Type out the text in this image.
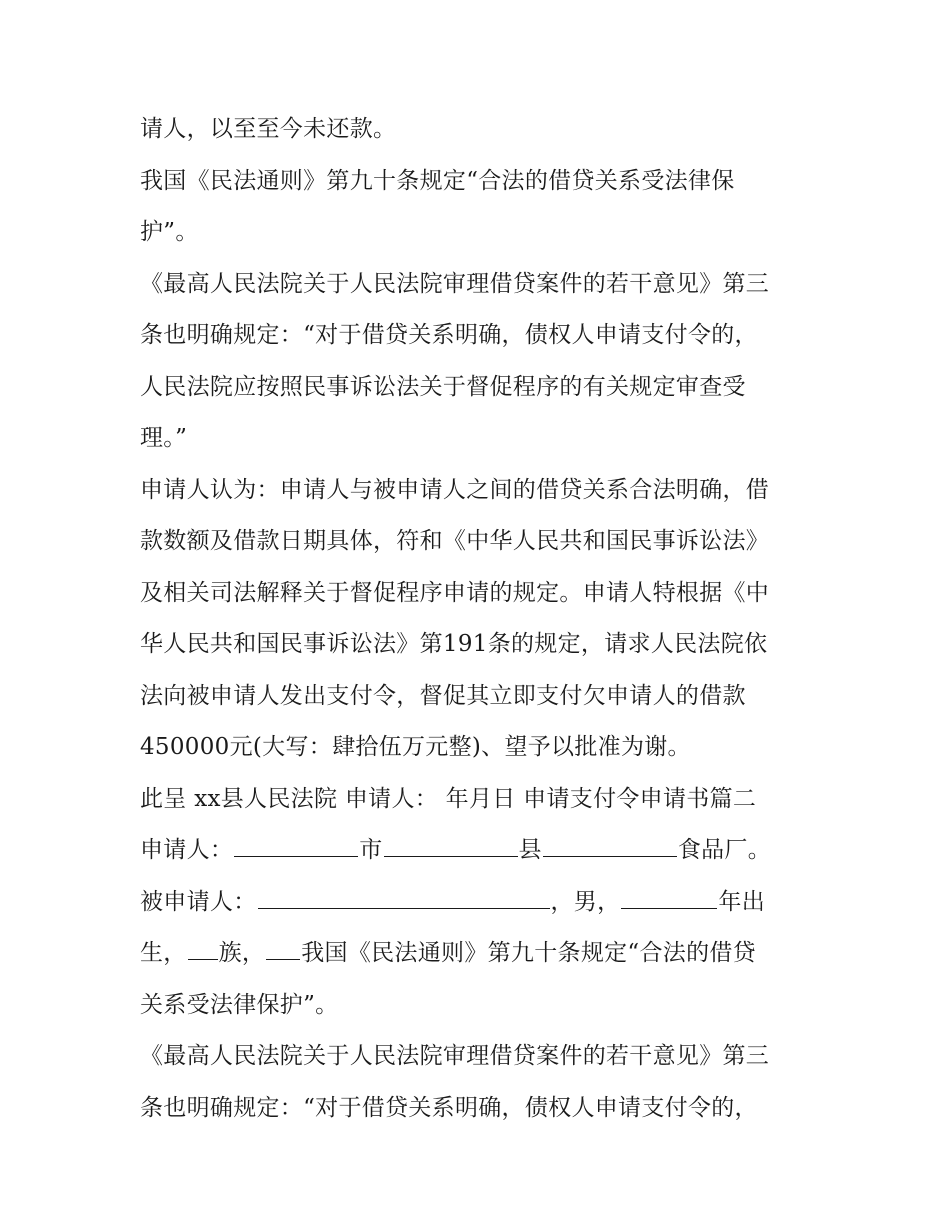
请人，以至至今未还款。
我国《民法通则》第九十条规定“合法的借贷关系受法律保
护”。
《最高人民法院关于人民法院审理借贷案件的若干意见》第三
条也明确规定：“对于借贷关系明确，债权人申请支付令的，
人民法院应按照民事诉讼法关于督促程序的有关规定审查受
理。”
申请人认为：申请人与被申请人之间的借贷关系合法明确，借
款数额及借款日期具体，符和《中华人民共和国民事诉讼法》
及相关司法解释关于督促程序申请的规定。申请人特根据《中
华人民共和国民事诉讼法》第191条的规定，请求人民法院依
法向被申请人发出支付令，督促其立即支付欠申请人的借款
450000元(大写：肆拾伍万元整)、望予以批准为谢。
此呈 xx县人民法院 申请人： 年月日 申请支付令申请书篇二
申请人：	市	县	食品厂。
被申请人：	，男，	年出
生， 族， 我国《民法通则》第九十条规定“合法的借贷
关系受法律保护”。
《最高人民法院关于人民法院审理借贷案件的若干意见》第三
条也明确规定：“对于借贷关系明确，债权人申请支付令的，
